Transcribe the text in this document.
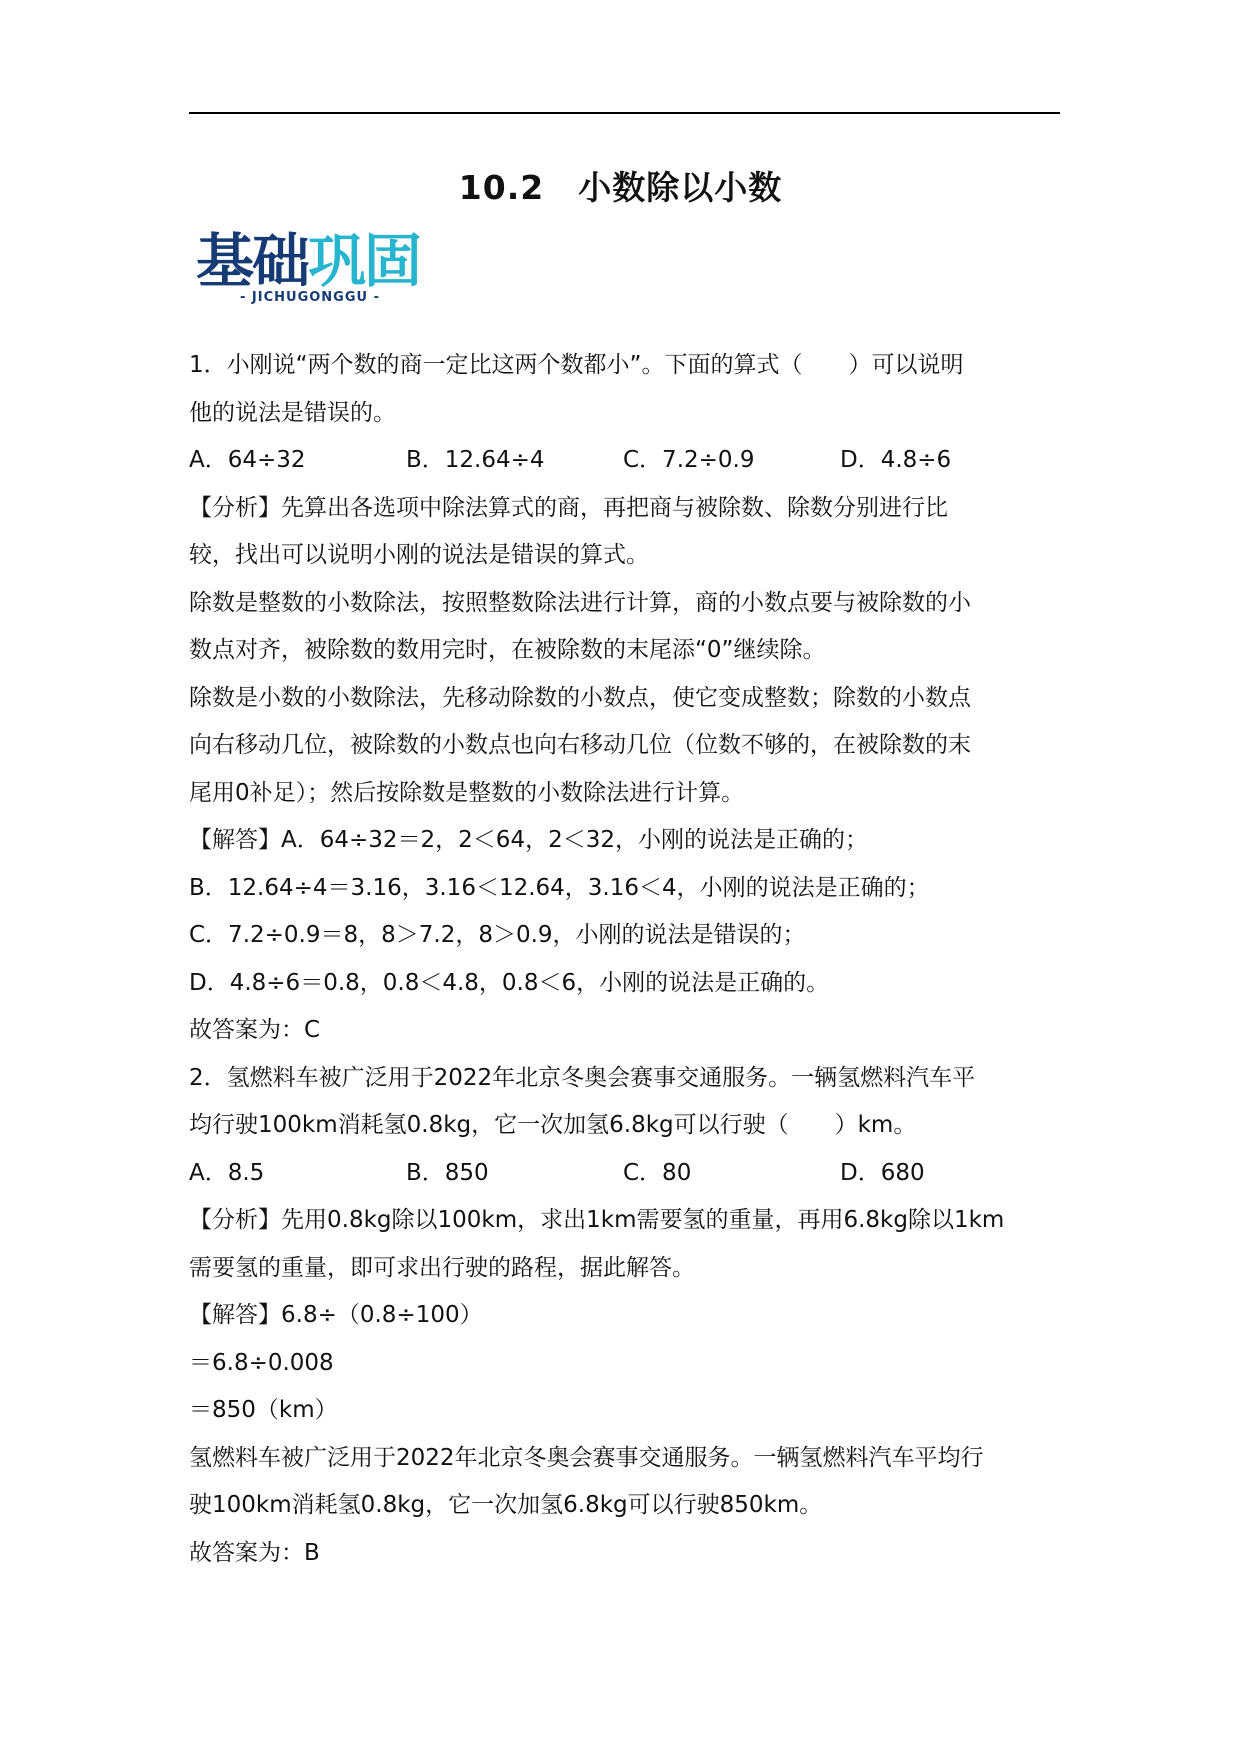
10.2　小数除以小数
基础巩固
- JICHUGONGGU -
1．小刚说“两个数的商一定比这两个数都小”。下面的算式（　　）可以说明
他的说法是错误的。
A．64÷32	B．12.64÷4	C．7.2÷0.9	D．4.8÷6
【分析】先算出各选项中除法算式的商，再把商与被除数、除数分别进行比
较，找出可以说明小刚的说法是错误的算式。
除数是整数的小数除法，按照整数除法进行计算，商的小数点要与被除数的小
数点对齐，被除数的数用完时，在被除数的末尾添“0”继续除。
除数是小数的小数除法，先移动除数的小数点，使它变成整数；除数的小数点
向右移动几位，被除数的小数点也向右移动几位（位数不够的，在被除数的末
尾用0补足）；然后按除数是整数的小数除法进行计算。
【解答】A．64÷32＝2，2＜64，2＜32，小刚的说法是正确的；
B．12.64÷4＝3.16，3.16＜12.64，3.16＜4，小刚的说法是正确的；
C．7.2÷0.9＝8，8＞7.2，8＞0.9，小刚的说法是错误的；
D．4.8÷6＝0.8，0.8＜4.8，0.8＜6，小刚的说法是正确的。
故答案为：C
2．氢燃料车被广泛用于2022年北京冬奥会赛事交通服务。一辆氢燃料汽车平
均行驶100km消耗氢0.8kg，它一次加氢6.8kg可以行驶（　　）km。
A．8.5	B．850	C．80	D．680
【分析】先用0.8kg除以100km，求出1km需要氢的重量，再用6.8kg除以1km
需要氢的重量，即可求出行驶的路程，据此解答。
【解答】6.8÷（0.8÷100）
＝6.8÷0.008
＝850（km）
氢燃料车被广泛用于2022年北京冬奥会赛事交通服务。一辆氢燃料汽车平均行
驶100km消耗氢0.8kg，它一次加氢6.8kg可以行驶850km。
故答案为：B
